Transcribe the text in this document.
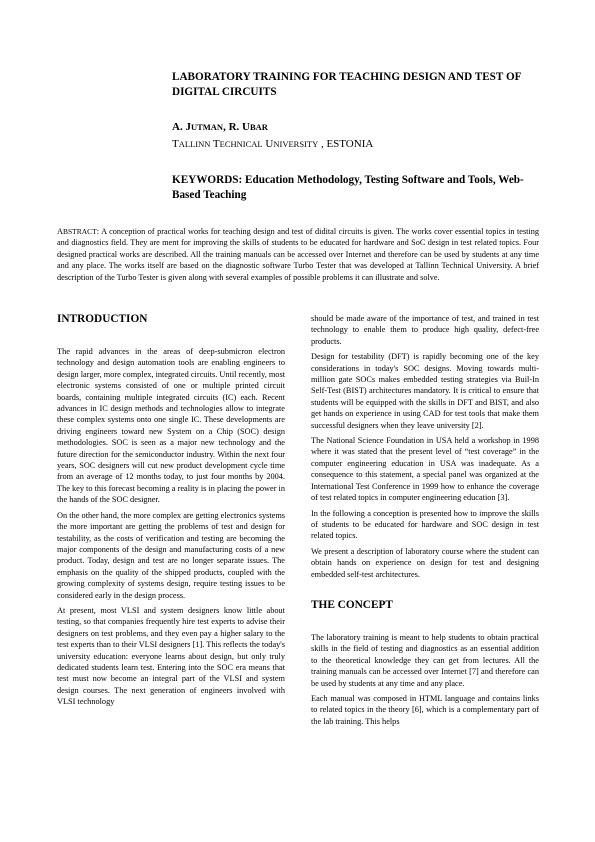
LABORATORY TRAINING FOR TEACHING DESIGN AND TEST OF DIGITAL CIRCUITS

A. JUTMAN, R. UBAR
TALLINN TECHNICAL UNIVERSITY , ESTONIA
KEYWORDS: Education Methodology, Testing Software and Tools, Web-Based Teaching

ABSTRACT: A conception of practical works for teaching design and test of didital circuits is given. The works cover essential topics in testing and diagnostics field. They are ment for improving the skills of students to be educated for hardware and SoC design in test related topics. Four designed practical works are described. All the training manuals can be accessed over Internet and therefore can be used by students at any time and any place. The works itself are based on the diagnostic software Turbo Tester that was developed at Tallinn Technical University. A brief description of the Turbo Tester is given along with several examples of possible problems it can illustrate and solve.

INTRODUCTION

The rapid advances in the areas of deep-submicron electron technology and design automation tools are enabling engineers to design larger, more complex, integrated circuits. Until recently, most electronic systems consisted of one or multiple printed circuit boards, containing multiple integrated circuits (IC) each. Recent advances in IC design methods and technologies allow to integrate these complex systems onto one single IC. These developments are driving engineers toward new System on a Chip (SOC) design methodologies. SOC is seen as a major new technology and the future direction for the semiconductor industry. Within the next four years, SOC designers will cut new product development cycle time from an average of 12 months today, to just four months by 2004. The key to this forecast becoming a reality is in placing the power in the hands of the SOC designer.

On the other hand, the more complex are getting electronics systems the more important are getting the problems of test and design for testability, as the costs of verification and testing are becoming the major components of the design and manufacturing costs of a new product. Today, design and test are no longer separate issues. The emphasis on the quality of the shipped products, coupled with the growing complexity of systems design, require testing issues to be considered early in the design process.

At present, most VLSI and system designers know little about testing, so that companies frequently hire test experts to advise their designers on test problems, and they even pay a higher salary to the test experts than to their VLSI designers [1]. This reflects the today's university education: everyone learns about design, but only truly dedicated students learn test. Entering into the SOC era means that test must now become an integral part of the VLSI and system design courses. The next generation of engineers involved with VLSI technology

should be made aware of the importance of test, and trained in test technology to enable them to produce high quality, defect-free products.

Design for testability (DFT) is rapidly becoming one of the key considerations in today's SOC designs. Moving towards multi-million gate SOCs makes embedded testing strategies via Buil-In Self-Test (BIST) architectures mandatory. It is critical to ensure that students will be equipped with the skills in DFT and BIST, and also get hands on experience in using CAD for test tools that make them successful designers when they leave university [2].

The National Science Foundation in USA held a workshop in 1998 where it was stated that the present level of “test coverage” in the computer engineering education in USA was inadequate. As a consequence to this statement, a special panel was organized at the International Test Conference in 1999 how to enhance the coverage of test related topics in computer engineering education [3].

In the following a conception is presented how to improve the skills of students to be educated for hardware and SOC design in test related topics.

We present a description of laboratory course where the student can obtain hands on experience on design for test and designing embedded self-test architectures.

THE CONCEPT

The laboratory training is meant to help students to obtain practical skills in the field of testing and diagnostics as an essential addition to the theoretical knowledge they can get from lectures. All the training manuals can be accessed over Internet [7] and therefore can be used by students at any time and any place.

Each manual was composed in HTML language and contains links to related topics in the theory [6], which is a complementary part of the lab training. This helps
